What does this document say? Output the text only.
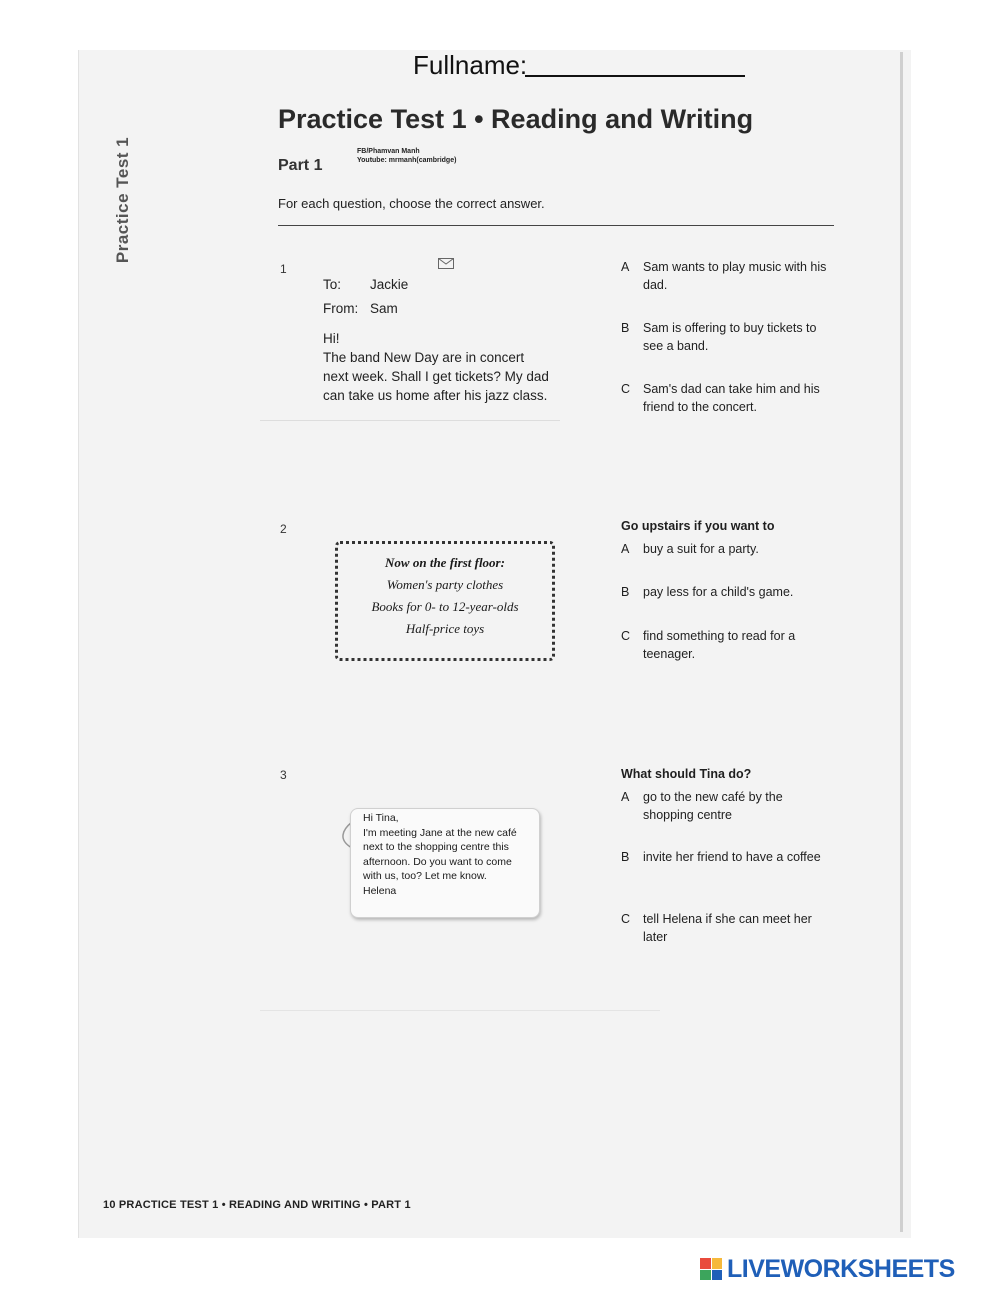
Fullname:
Practice Test 1
Practice Test 1 • Reading and Writing
Part 1
FB/Phamvan Manh
Youtube: mrmanh(cambridge)
For each question, choose the correct answer.
1
To:	Jackie
From: Sam
Hi!
The band New Day are in concert
next week. Shall I get tickets? My dad
can take us home after his jazz class.
A Sam wants to play music with his dad.
B Sam is offering to buy tickets to see a band.
C Sam's dad can take him and his friend to the concert.
2
Now on the first floor:
Women's party clothes
Books for 0- to 12-year-olds
Half-price toys
Go upstairs if you want to
A buy a suit for a party.
B pay less for a child's game.
C find something to read for a teenager.
3
Hi Tina,
I'm meeting Jane at the new café
next to the shopping centre this
afternoon. Do you want to come
with us, too? Let me know.
Helena
What should Tina do?
A go to the new café by the shopping centre
B invite her friend to have a coffee
C tell Helena if she can meet her later
10 PRACTICE TEST 1 • READING AND WRITING • PART 1
LIVEWORKSHEETS
